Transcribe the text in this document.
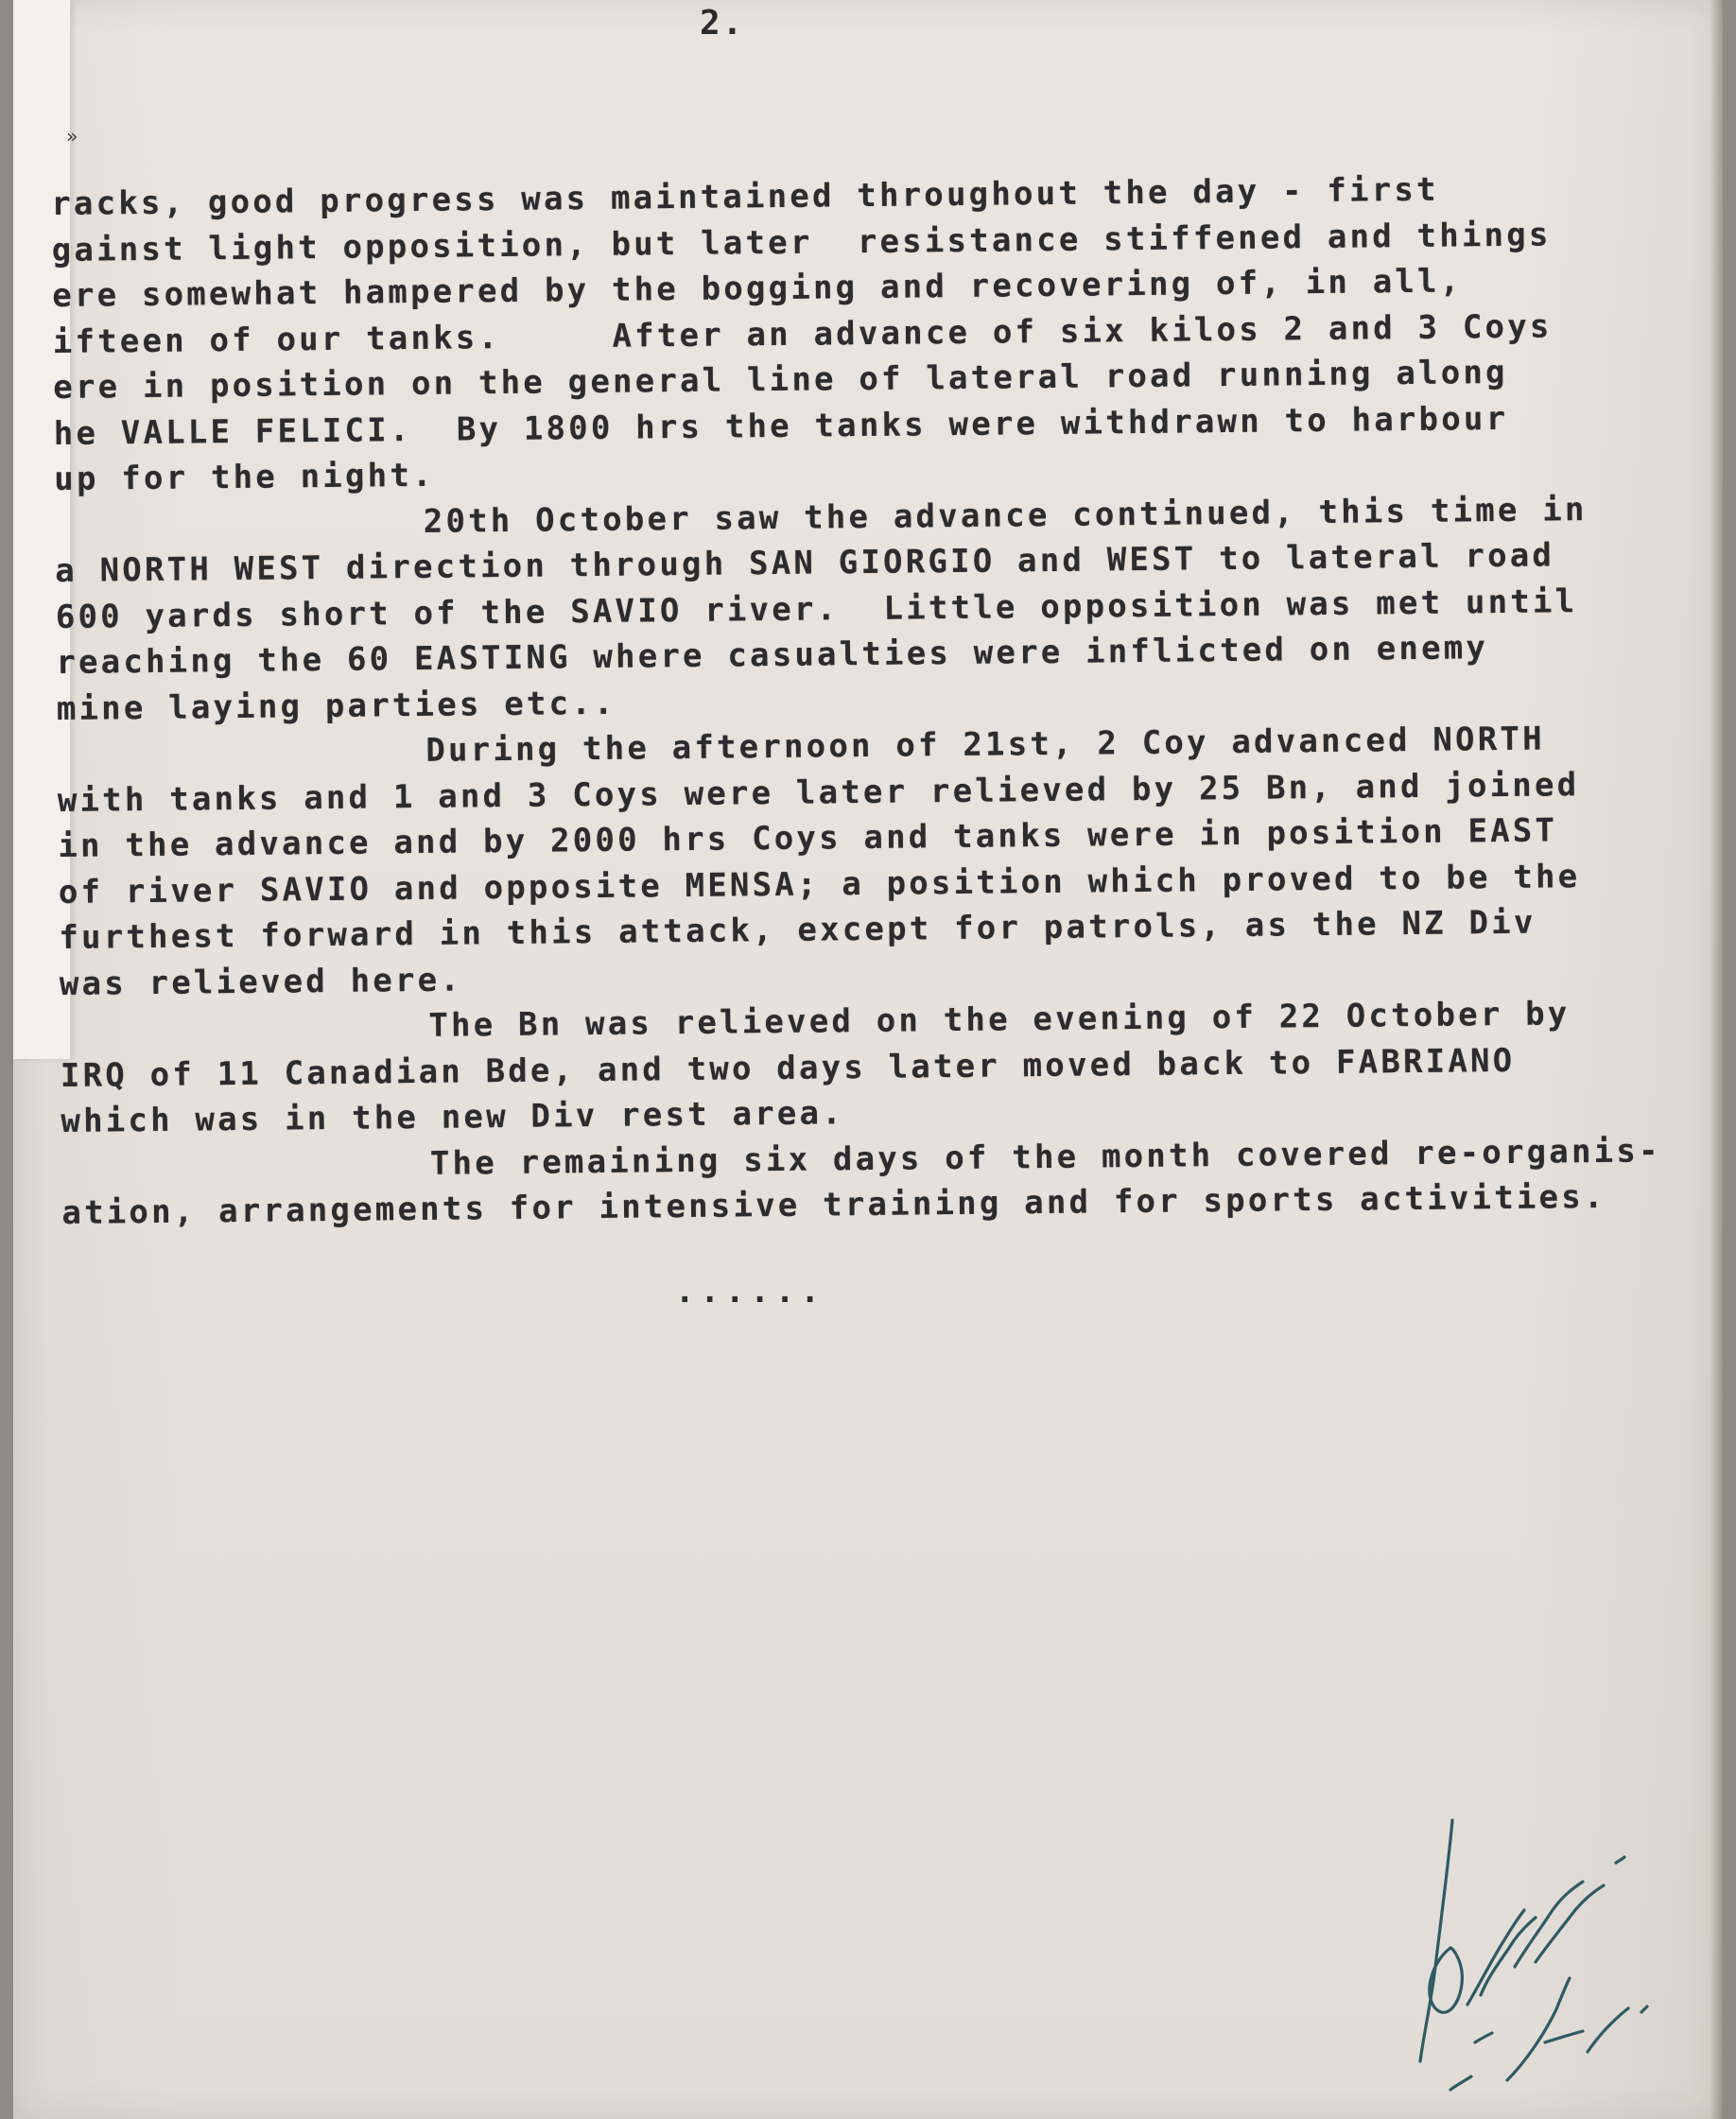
2.
»
racks, good progress was maintained throughout the day - first
gainst light opposition, but later  resistance stiffened and things
ere somewhat hampered by the bogging and recovering of, in all,
ifteen of our tanks.     After an advance of six kilos 2 and 3 Coys
ere in position on the general line of lateral road running along
he VALLE FELICI.  By 1800 hrs the tanks were withdrawn to harbour
up for the night.
20th October saw the advance continued, this time in
a NORTH WEST direction through SAN GIORGIO and WEST to lateral road
600 yards short of the SAVIO river.  Little opposition was met until
reaching the 60 EASTING where casualties were inflicted on enemy
mine laying parties etc..
During the afternoon of 21st, 2 Coy advanced NORTH
with tanks and 1 and 3 Coys were later relieved by 25 Bn, and joined
in the advance and by 2000 hrs Coys and tanks were in position EAST
of river SAVIO and opposite MENSA; a position which proved to be the
furthest forward in this attack, except for patrols, as the NZ Div
was relieved here.
The Bn was relieved on the evening of 22 October by
IRQ of 11 Canadian Bde, and two days later moved back to FABRIANO
which was in the new Div rest area.
The remaining six days of the month covered re-organis-
ation, arrangements for intensive training and for sports activities.
......
Dennis Lt.
